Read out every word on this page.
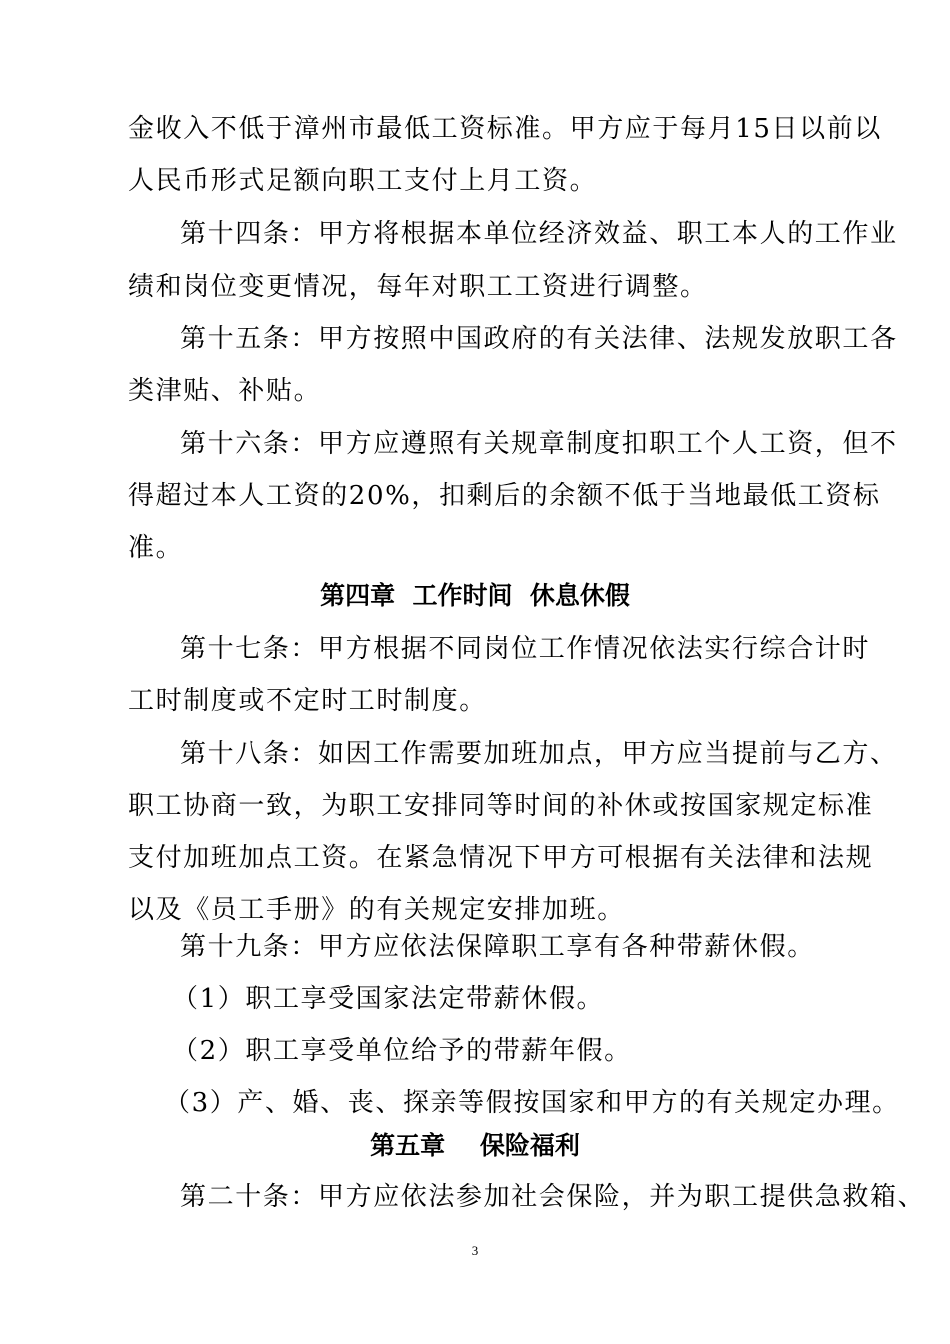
金收入不低于漳州市最低工资标准。甲方应于每月15日以前以
人民币形式足额向职工支付上月工资。
第十四条：甲方将根据本单位经济效益、职工本人的工作业
绩和岗位变更情况，每年对职工工资进行调整。
第十五条：甲方按照中国政府的有关法律、法规发放职工各
类津贴、补贴。
第十六条：甲方应遵照有关规章制度扣职工个人工资，但不
得超过本人工资的20%，扣剩后的余额不低于当地最低工资标
准。
第四章  工作时间  休息休假
第十七条：甲方根据不同岗位工作情况依法实行综合计时
工时制度或不定时工时制度。
第十八条：如因工作需要加班加点，甲方应当提前与乙方、
职工协商一致，为职工安排同等时间的补休或按国家规定标准
支付加班加点工资。在紧急情况下甲方可根据有关法律和法规
以及《员工手册》的有关规定安排加班。
第十九条：甲方应依法保障职工享有各种带薪休假。
（1）职工享受国家法定带薪休假。
（2）职工享受单位给予的带薪年假。
（3）产、婚、丧、探亲等假按国家和甲方的有关规定办理。
第五章    保险福利
第二十条：甲方应依法参加社会保险，并为职工提供急救箱、
3
